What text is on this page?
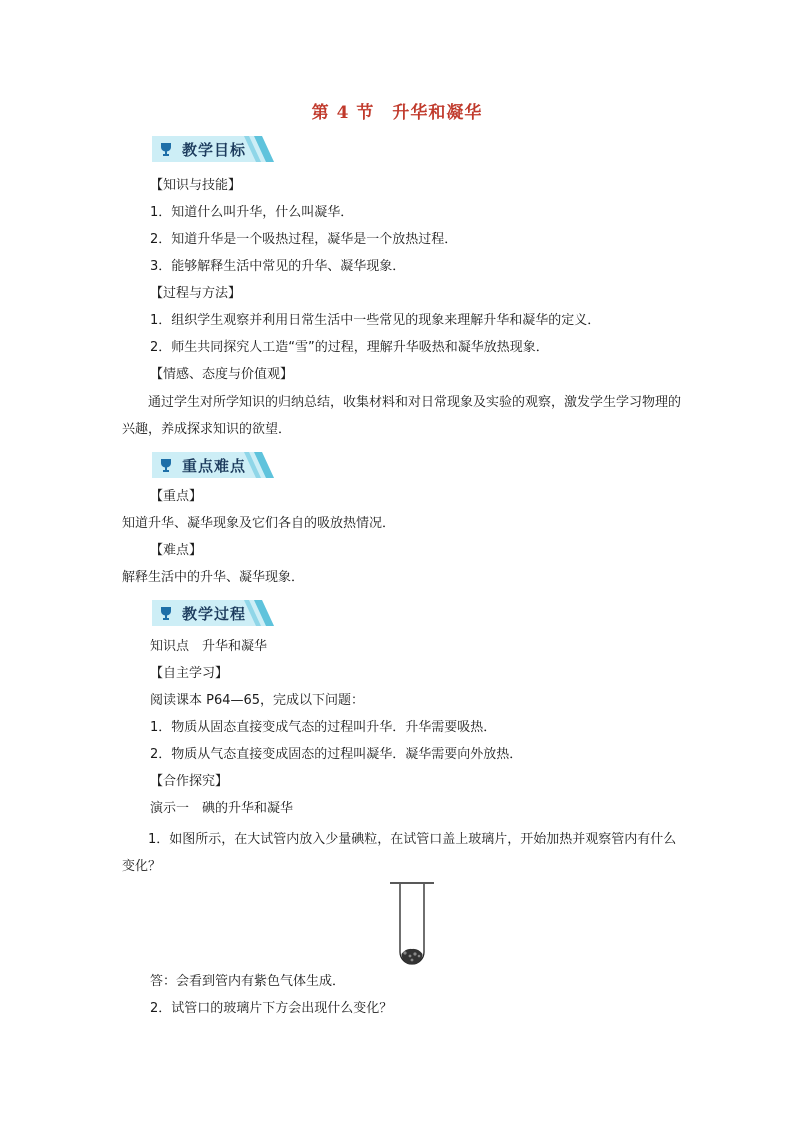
第 4 节　升华和凝华
教学目标
【知识与技能】
1．知道什么叫升华，什么叫凝华．
2．知道升华是一个吸热过程，凝华是一个放热过程．
3．能够解释生活中常见的升华、凝华现象．
【过程与方法】
1．组织学生观察并利用日常生活中一些常见的现象来理解升华和凝华的定义．
2．师生共同探究人工造“雪”的过程，理解升华吸热和凝华放热现象．
【情感、态度与价值观】
通过学生对所学知识的归纳总结，收集材料和对日常现象及实验的观察，激发学生学习物理的兴趣，养成探求知识的欲望．
重点难点
【重点】
知道升华、凝华现象及它们各自的吸放热情况．
【难点】
解释生活中的升华、凝华现象．
教学过程
知识点　升华和凝华
【自主学习】
阅读课本 P64—65，完成以下问题：
1．物质从固态直接变成气态的过程叫升华．升华需要吸热．
2．物质从气态直接变成固态的过程叫凝华．凝华需要向外放热．
【合作探究】
演示一　碘的升华和凝华
1．如图所示，在大试管内放入少量碘粒，在试管口盖上玻璃片，开始加热并观察管内有什么变化？
答：会看到管内有紫色气体生成．
2．试管口的玻璃片下方会出现什么变化？
